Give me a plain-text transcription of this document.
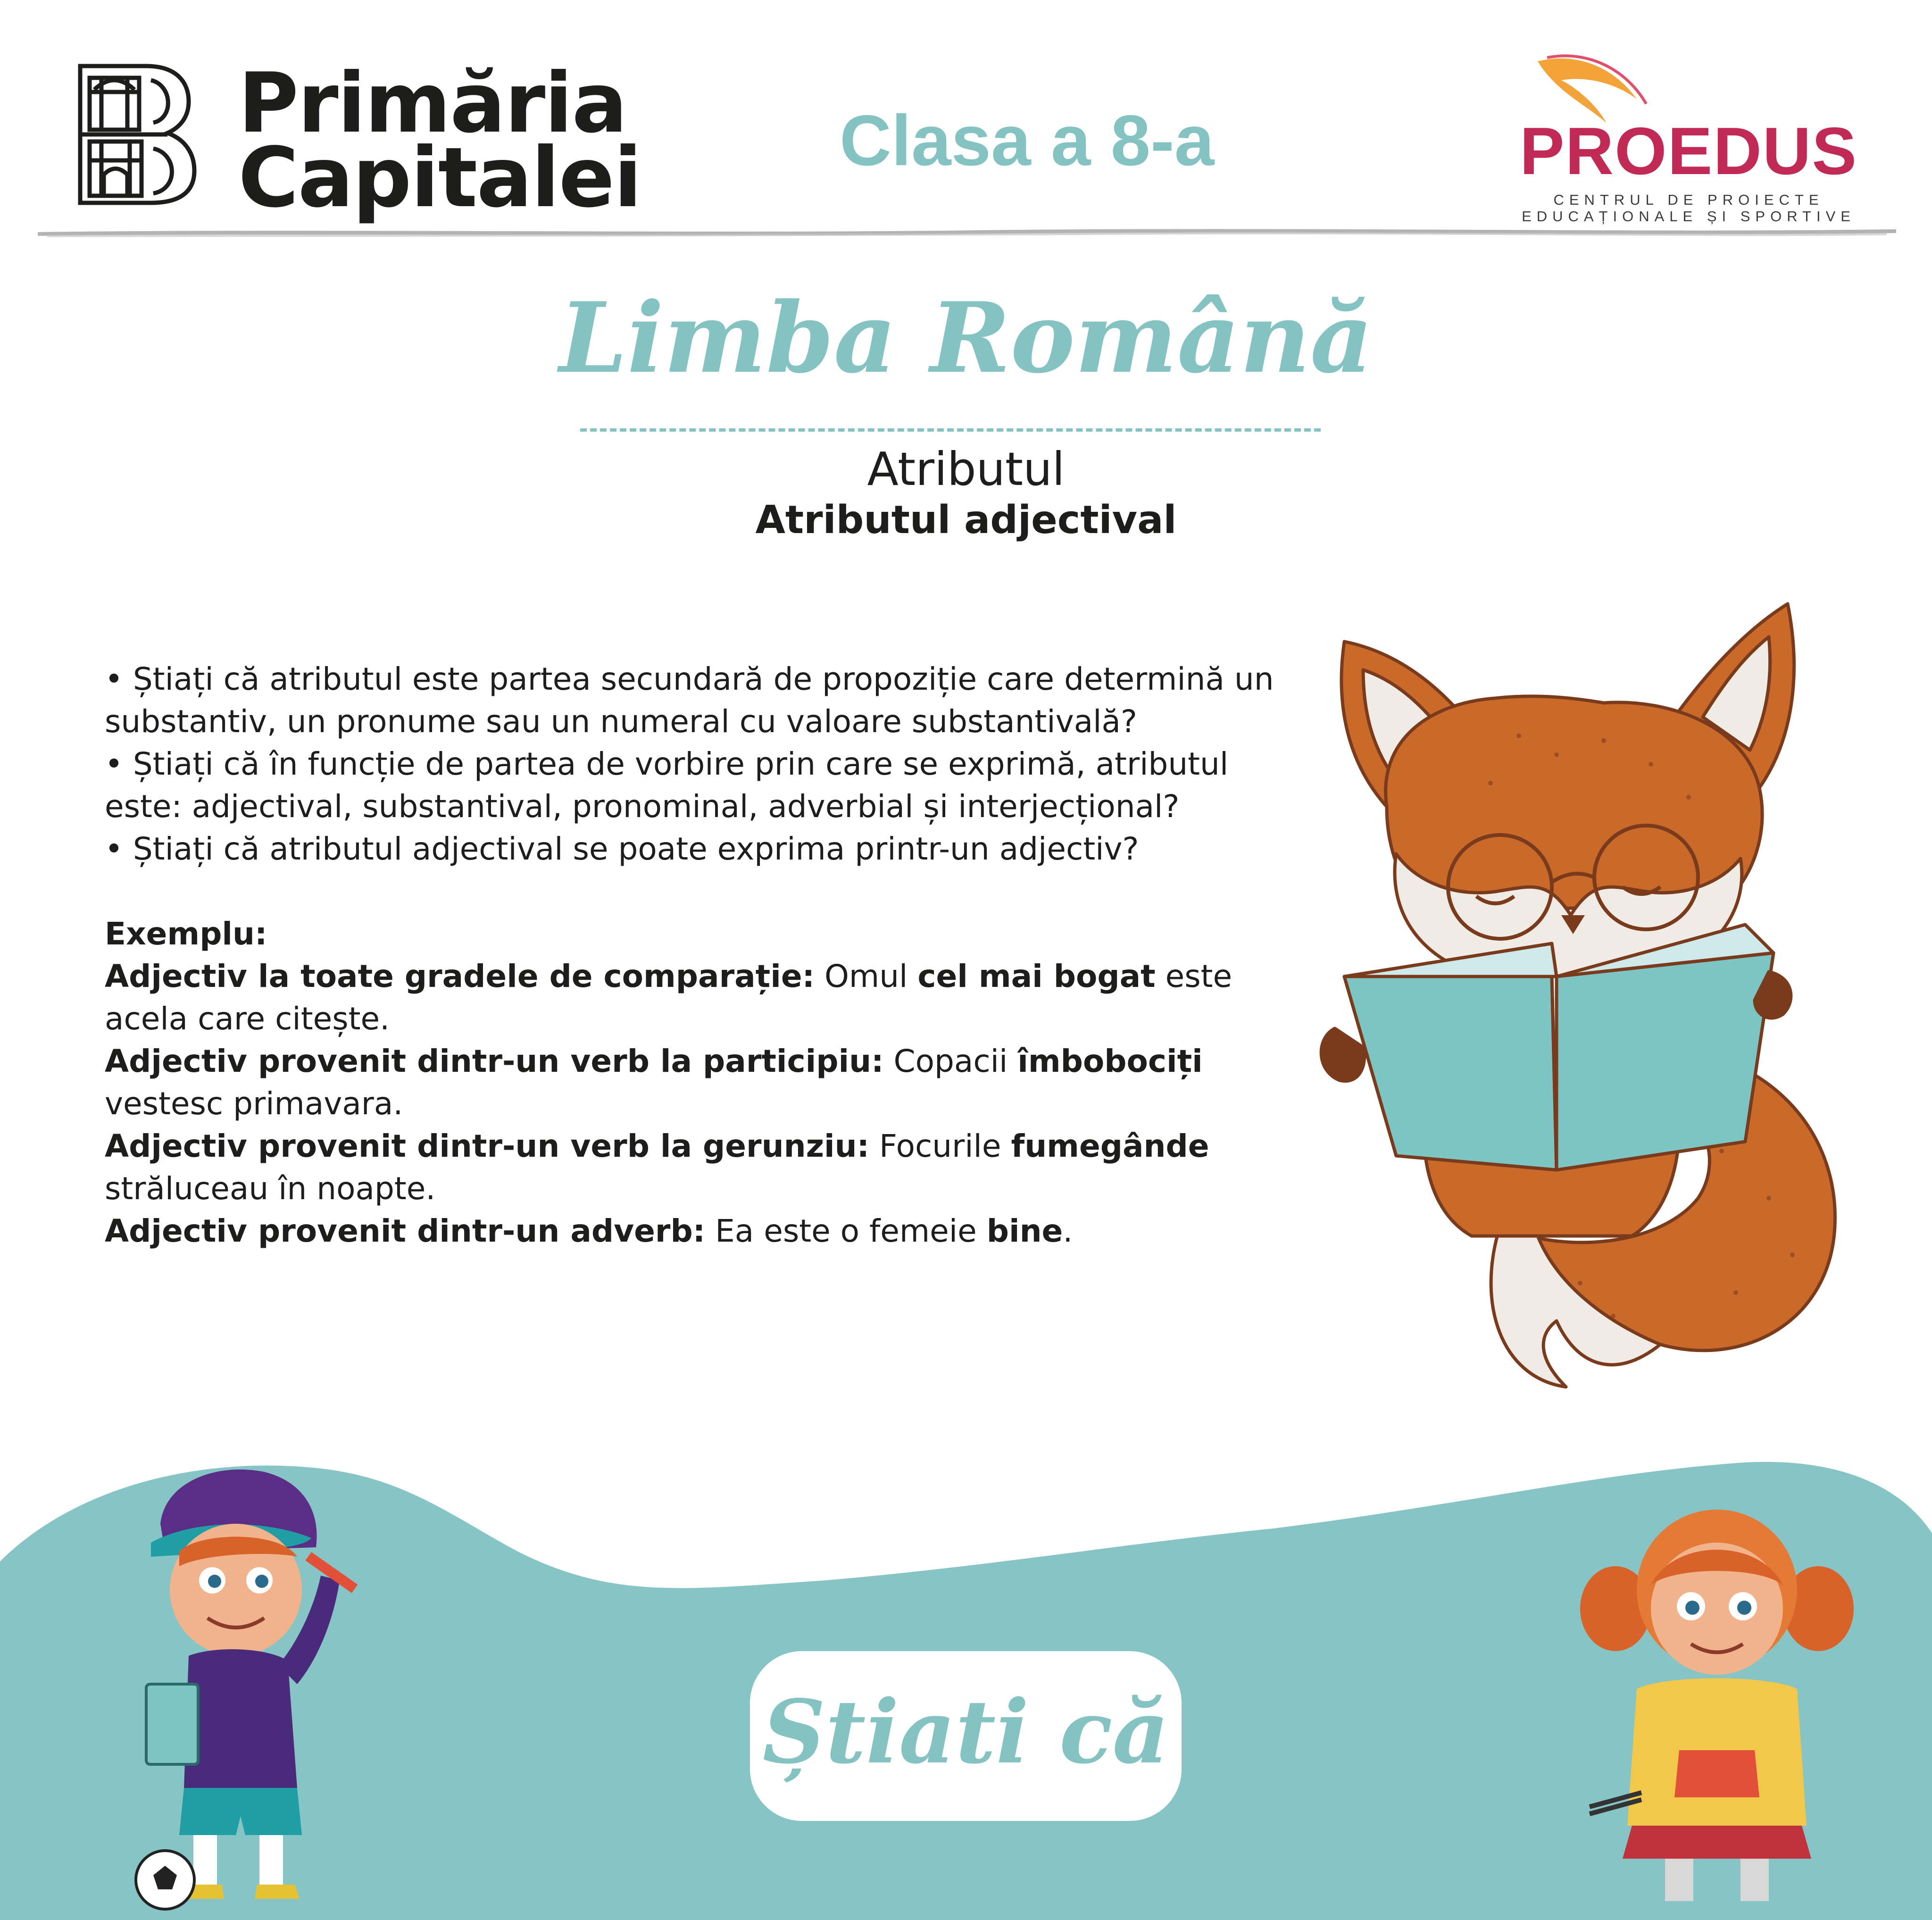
Primăria
Capitalei	Clasa a 8-a	PROEDUS
CENTRUL DE PROIECTE
EDUCAȚIONALE ȘI SPORTIVE
Limba Română
Atributul
Atributul adjectival

• Știați că atributul este partea secundară de propoziție care determină un substantiv, un pronume sau un numeral cu valoare substantivală?

• Știați că în funcție de partea de vorbire prin care se exprimă, atributul este: adjectival, substantival, pronominal, adverbial și interjecțional?

• Știați că atributul adjectival se poate exprima printr-un adjectiv?

Exemplu:

Adjectiv la toate gradele de comparație: Omul cel mai bogat este acela care citește.

Adjectiv provenit dintr-un verb la participiu: Copacii îmbobociți vestesc primavara.

Adjectiv provenit dintr-un verb la gerunziu: Focurile fumegânde străluceau în noapte.

Adjectiv provenit dintr-un adverb: Ea este o femeie bine.

Știati că
